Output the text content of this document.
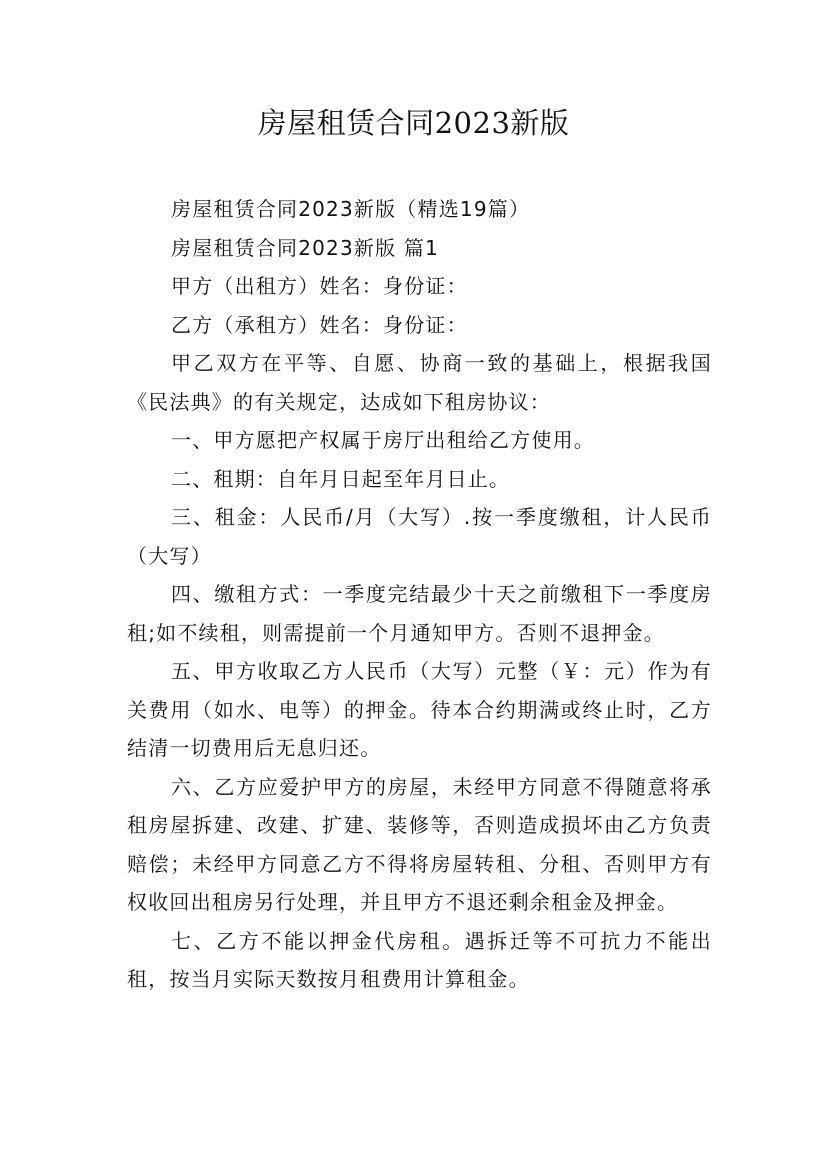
房屋租赁合同2023新版

房屋租赁合同2023新版（精选19篇）

房屋租赁合同2023新版 篇1

甲方（出租方）姓名：身份证：

乙方（承租方）姓名：身份证：

甲乙双方在平等、自愿、协商一致的基础上，根据我国《民法典》的有关规定，达成如下租房协议：

一、甲方愿把产权属于房厅出租给乙方使用。

二、租期：自年月日起至年月日止。

三、租金：人民币/月（大写）.按一季度缴租，计人民币（大写）

四、缴租方式：一季度完结最少十天之前缴租下一季度房租;如不续租，则需提前一个月通知甲方。否则不退押金。

五、甲方收取乙方人民币（大写）元整（￥：元）作为有关费用（如水、电等）的押金。待本合约期满或终止时，乙方结清一切费用后无息归还。

六、乙方应爱护甲方的房屋，未经甲方同意不得随意将承租房屋拆建、改建、扩建、装修等，否则造成损坏由乙方负责赔偿；未经甲方同意乙方不得将房屋转租、分租、否则甲方有权收回出租房另行处理，并且甲方不退还剩余租金及押金。

七、乙方不能以押金代房租。遇拆迁等不可抗力不能出租，按当月实际天数按月租费用计算租金。
